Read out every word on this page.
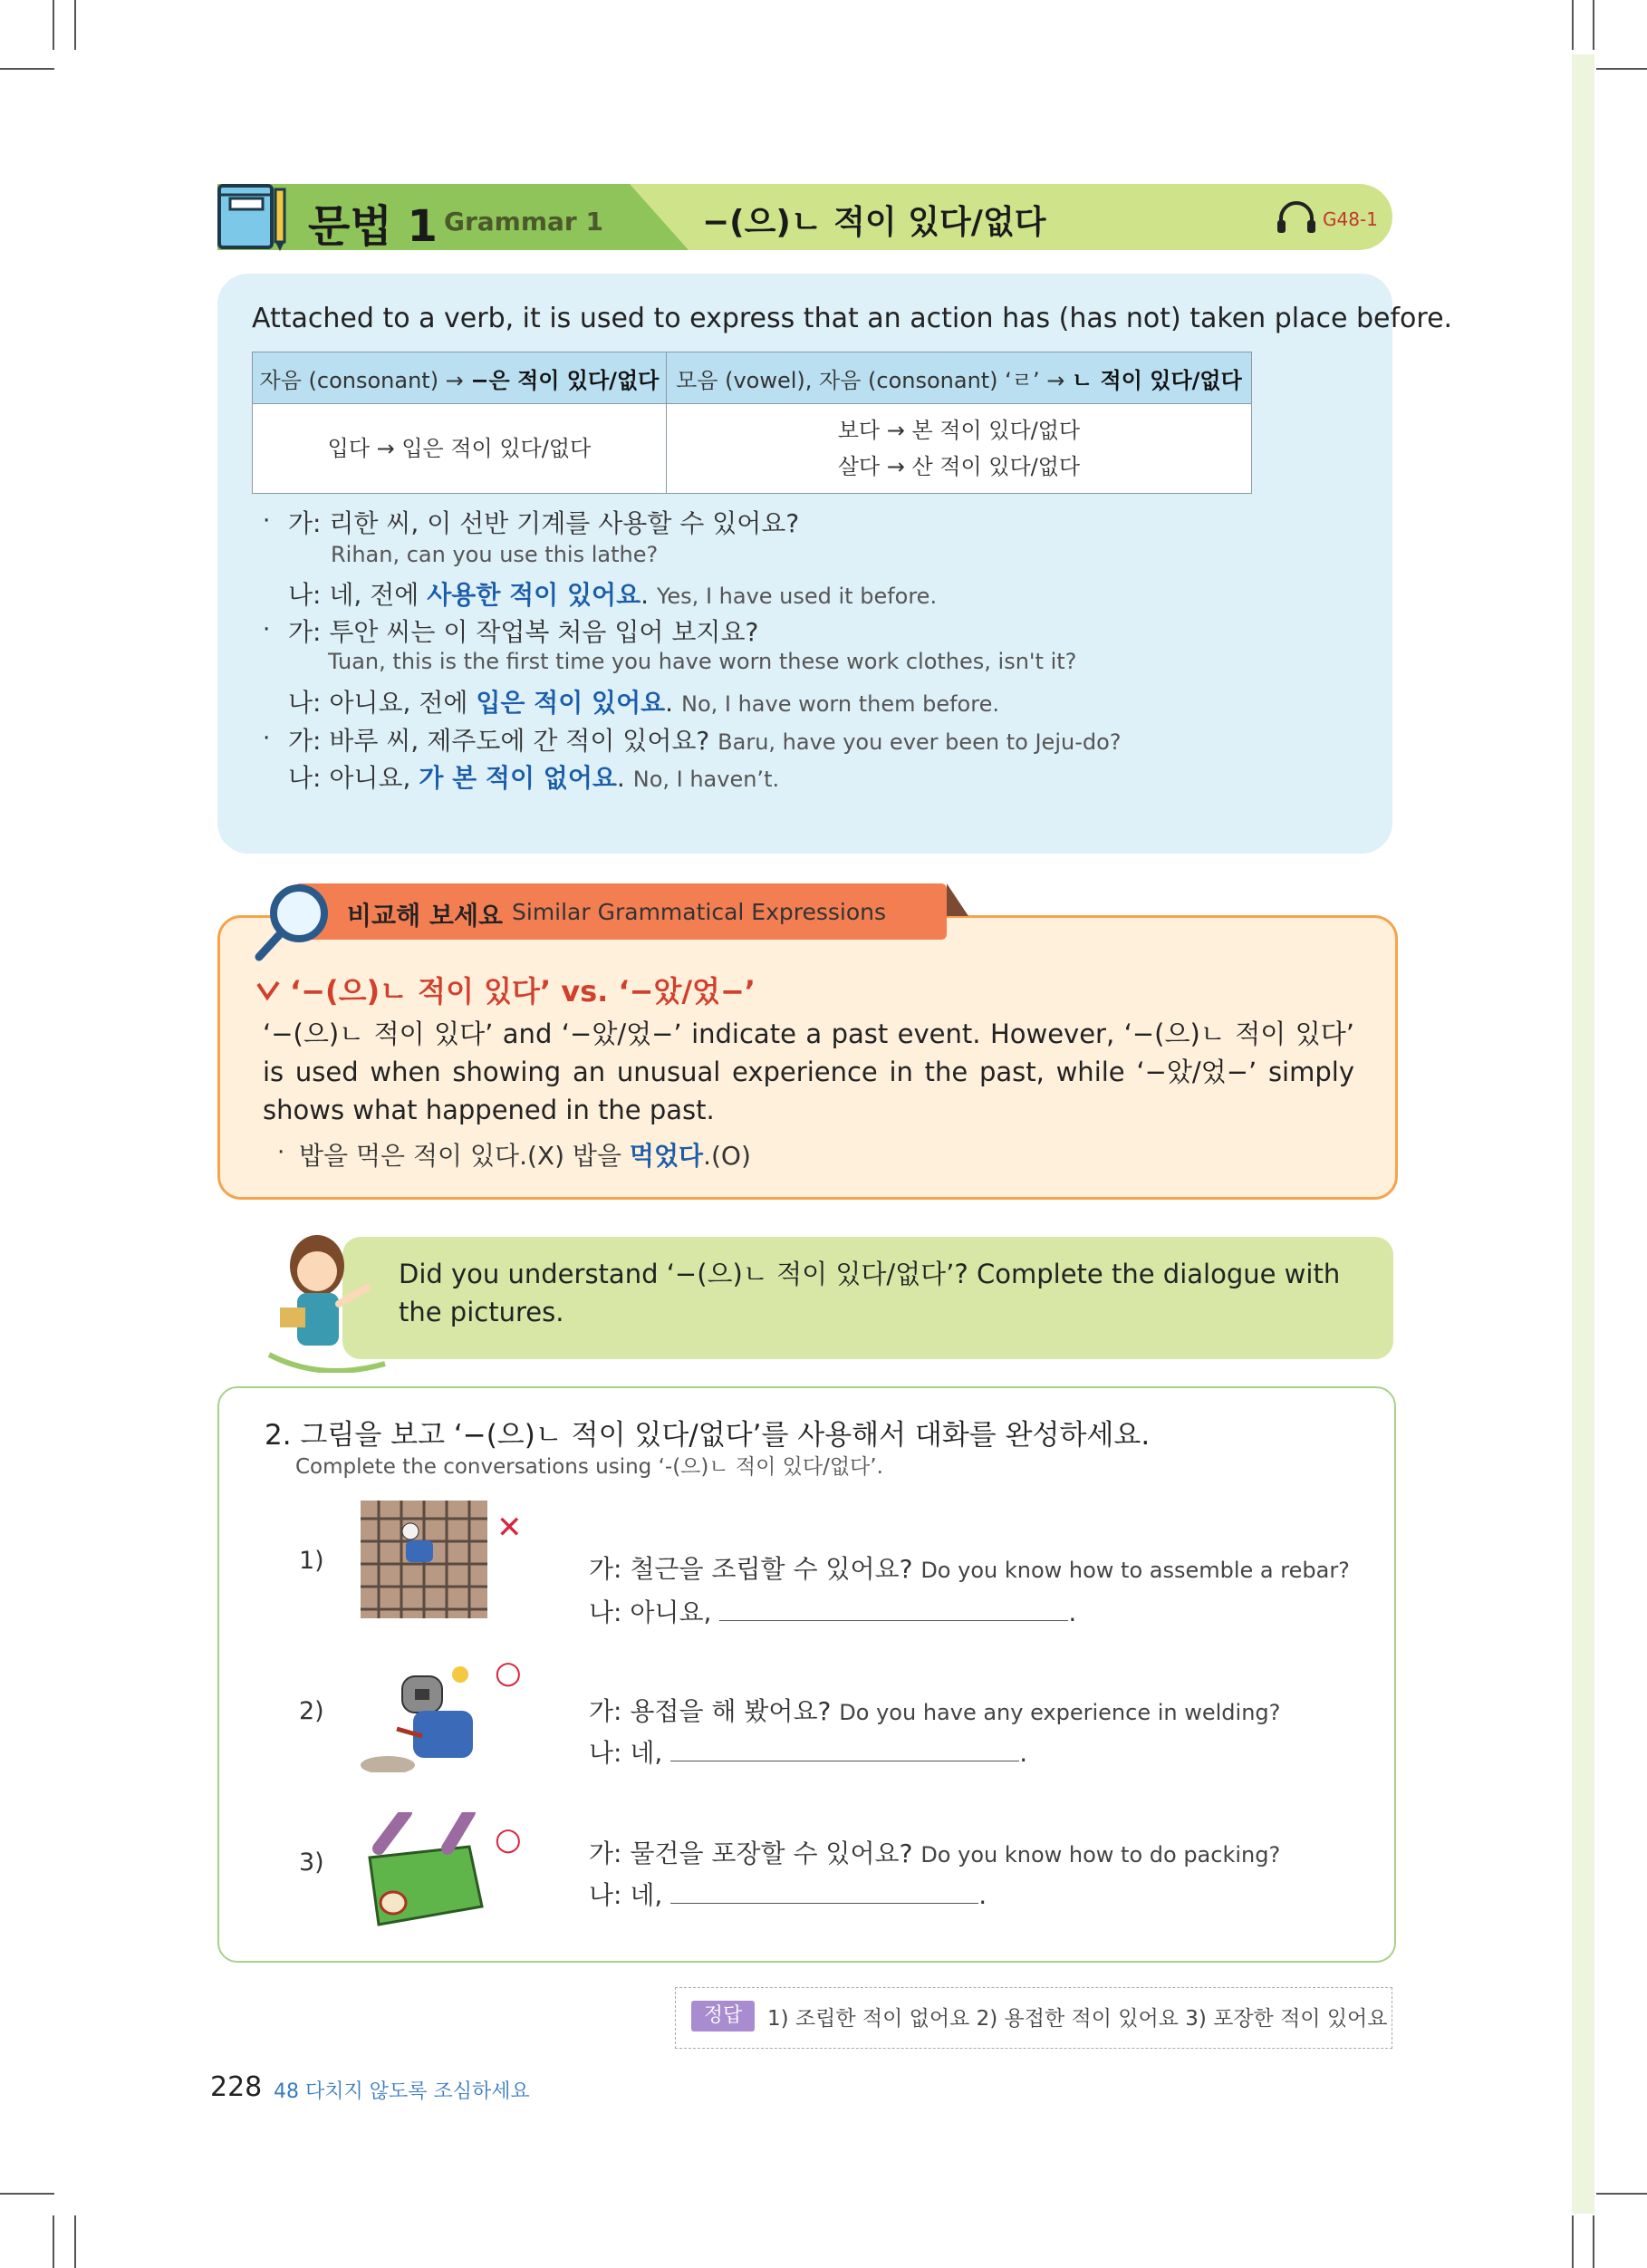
문법 1 Grammar 1	−(으)ㄴ 적이 있다/없다	G48-1
Attached to a verb, it is used to express that an action has (has not) taken place before.
자음 (consonant) → −은 적이 있다/없다	모음 (vowel), 자음 (consonant) ‘ㄹ’ → ㄴ 적이 있다/없다
입다 → 입은 적이 있다/없다	보다 → 본 적이 있다/없다
살다 → 산 적이 있다/없다
· 가: 리한 씨, 이 선반 기계를 사용할 수 있어요?
Rihan, can you use this lathe?
나: 네, 전에 사용한 적이 있어요. Yes, I have used it before.
· 가: 투안 씨는 이 작업복 처음 입어 보지요?
Tuan, this is the first time you have worn these work clothes, isn't it?
나: 아니요, 전에 입은 적이 있어요. No, I have worn them before.
· 가: 바루 씨, 제주도에 간 적이 있어요? Baru, have you ever been to Jeju-do?
나: 아니요, 가 본 적이 없어요. No, I haven’t.
비교해 보세요 Similar Grammatical Expressions
‘−(으)ㄴ 적이 있다’ vs. ‘−았/었−’
‘−(으)ㄴ 적이 있다’ and ‘−았/었−’ indicate a past event. However, ‘−(으)ㄴ 적이 있다’ is used when showing an unusual experience in the past, while ‘−았/었−’ simply shows what happened in the past.
· 밥을 먹은 적이 있다.(X) 밥을 먹었다.(O)
Did you understand ‘−(으)ㄴ 적이 있다/없다’? Complete the dialogue with the pictures.
2. 그림을 보고 ‘−(으)ㄴ 적이 있다/없다’를 사용해서 대화를 완성하세요.
Complete the conversations using ‘-(으)ㄴ 적이 있다/없다’.
1)
✕
가: 철근을 조립할 수 있어요? Do you know how to assemble a rebar?
나: 아니요,	.
2)
○
가: 용접을 해 봤어요? Do you have any experience in welding?
나: 네,	.
3)
○	가: 물건을 포장할 수 있어요? Do you know how to do packing?
나: 네,	.
정답	1) 조립한 적이 없어요 2) 용접한 적이 있어요 3) 포장한 적이 있어요
228 48 다치지 않도록 조심하세요
